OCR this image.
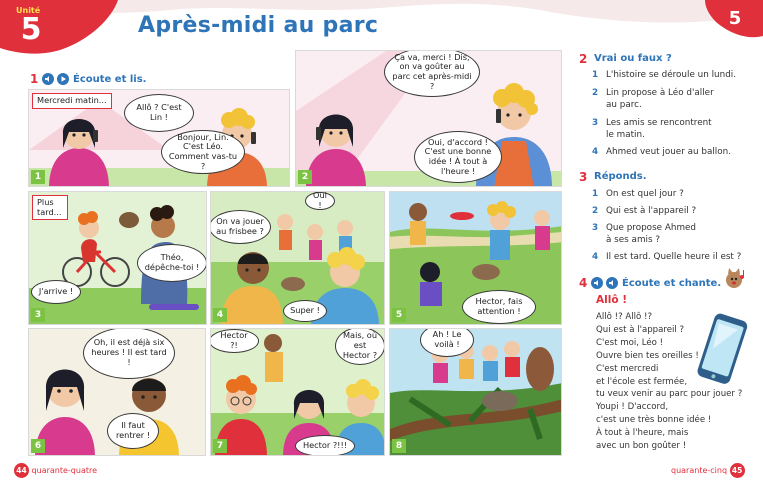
Unité
5	Après-midi au parc	5
1	Écoute et lis.
Mercredi matin...
Allô ? C'est Lin !
Bonjour, Lin. C'est Léo. Comment vas-tu ?
1
Ça va, merci ! Dis, on va goûter au parc cet après-midi ?
Oui, d'accord ! C'est une bonne idée ! À tout à l'heure !
2
Plus tard...
Théo, dépêche-toi !
J'arrive !
3
On va jouer au frisbee ?
Oui !
Super !
4
Hector, fais attention !
5
Oh, il est déjà six heures ! Il est tard !
Il faut rentrer !
6
Hector ?!
Mais, où est Hector ?
Hector ?!!!
7
Ah ! Le voilà !
8
2 Vrai ou faux ?
1 L'histoire se déroule un lundi.
2 Lin propose à Léo d'aller
au parc.
3 Les amis se rencontrent
le matin.
4 Ahmed veut jouer au ballon.
3 Réponds.
1 On est quel jour ?
2 Qui est à l'appareil ?
3 Que propose Ahmed
à ses amis ?
4 Il est tard. Quelle heure il est ?
4	Écoute et chante.
Allô !
Allô !? Allô !?
Qui est à l'appareil ?
C'est moi, Léo !
Ouvre bien tes oreilles !
C'est mercredi
et l'école est fermée,
tu veux venir au parc pour jouer ?
Youpi ! D'accord,
c'est une très bonne idée !
À tout à l'heure, mais
avec un bon goûter !
44 quarante-quatre	quarante-cinq 45
